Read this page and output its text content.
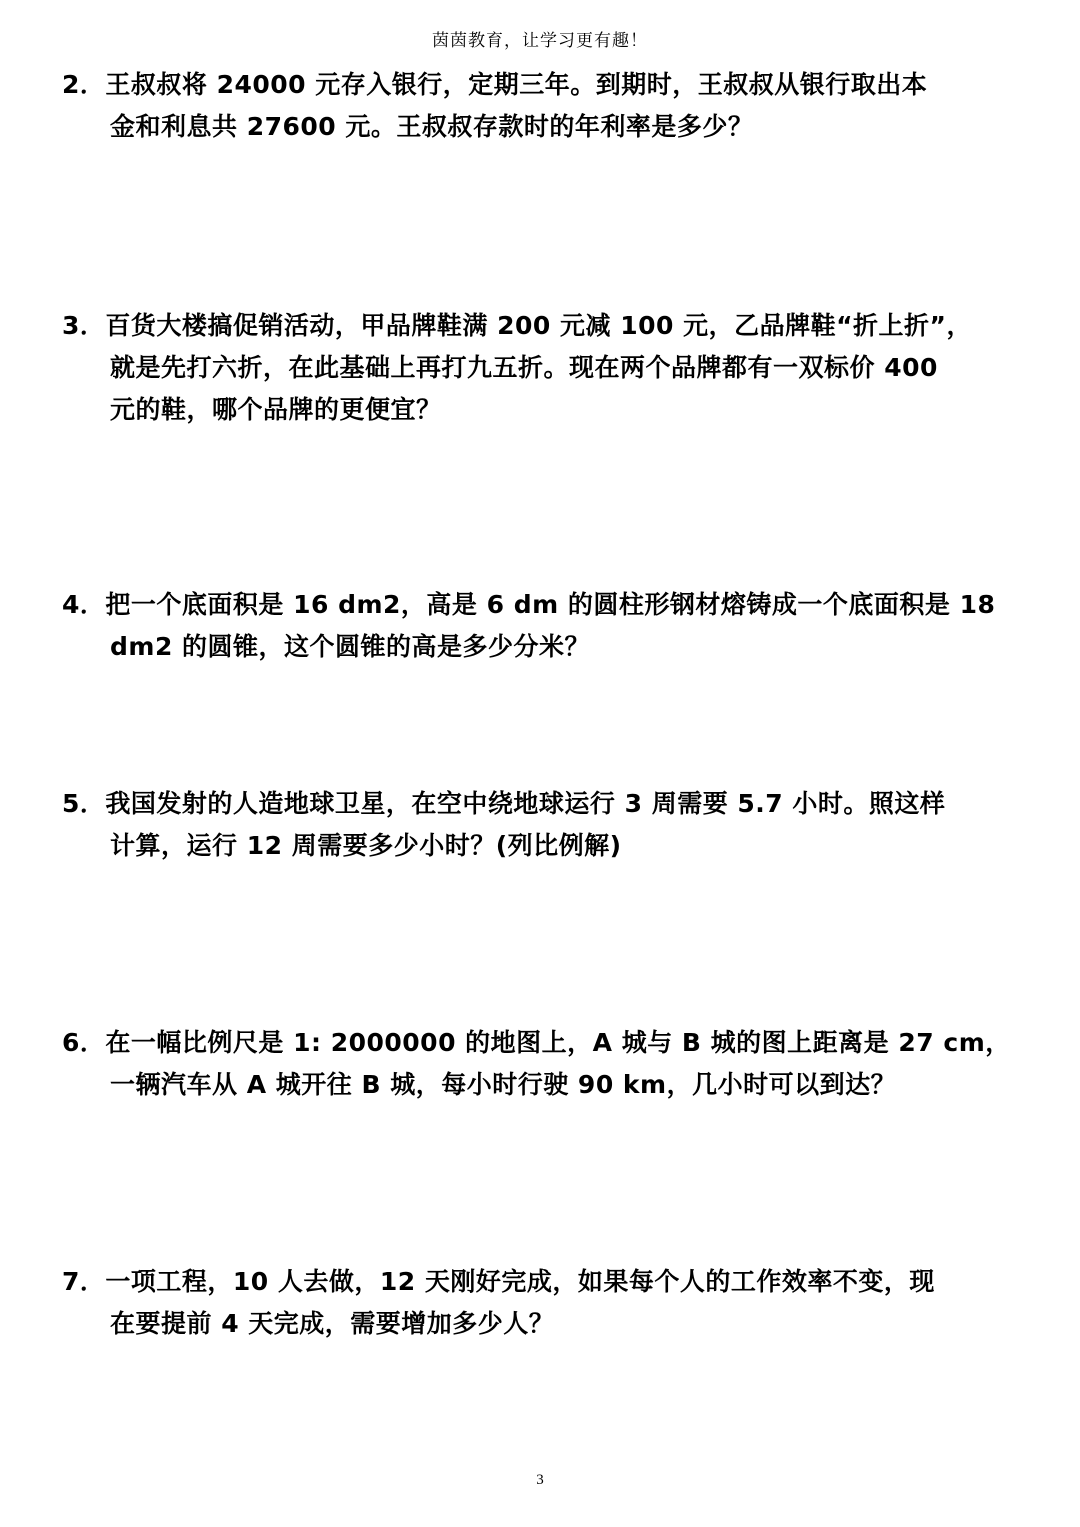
茵茵教育，让学习更有趣！
2．王叔叔将 24000 元存入银行，定期三年。到期时，王叔叔从银行取出本
金和利息共 27600 元。王叔叔存款时的年利率是多少？
3．百货大楼搞促销活动，甲品牌鞋满 200 元减 100 元，乙品牌鞋“折上折”，
就是先打六折，在此基础上再打九五折。现在两个品牌都有一双标价 400
元的鞋，哪个品牌的更便宜？
4．把一个底面积是 16 dm2，高是 6 dm 的圆柱形钢材熔铸成一个底面积是 18
dm2 的圆锥，这个圆锥的高是多少分米？
5．我国发射的人造地球卫星，在空中绕地球运行 3 周需要 5.7 小时。照这样
计算，运行 12 周需要多少小时？(列比例解)
6．在一幅比例尺是 1: 2000000 的地图上，A 城与 B 城的图上距离是 27 cm，
一辆汽车从 A 城开往 B 城，每小时行驶 90 km，几小时可以到达？
7．一项工程，10 人去做，12 天刚好完成，如果每个人的工作效率不变，现
在要提前 4 天完成，需要增加多少人？
3
